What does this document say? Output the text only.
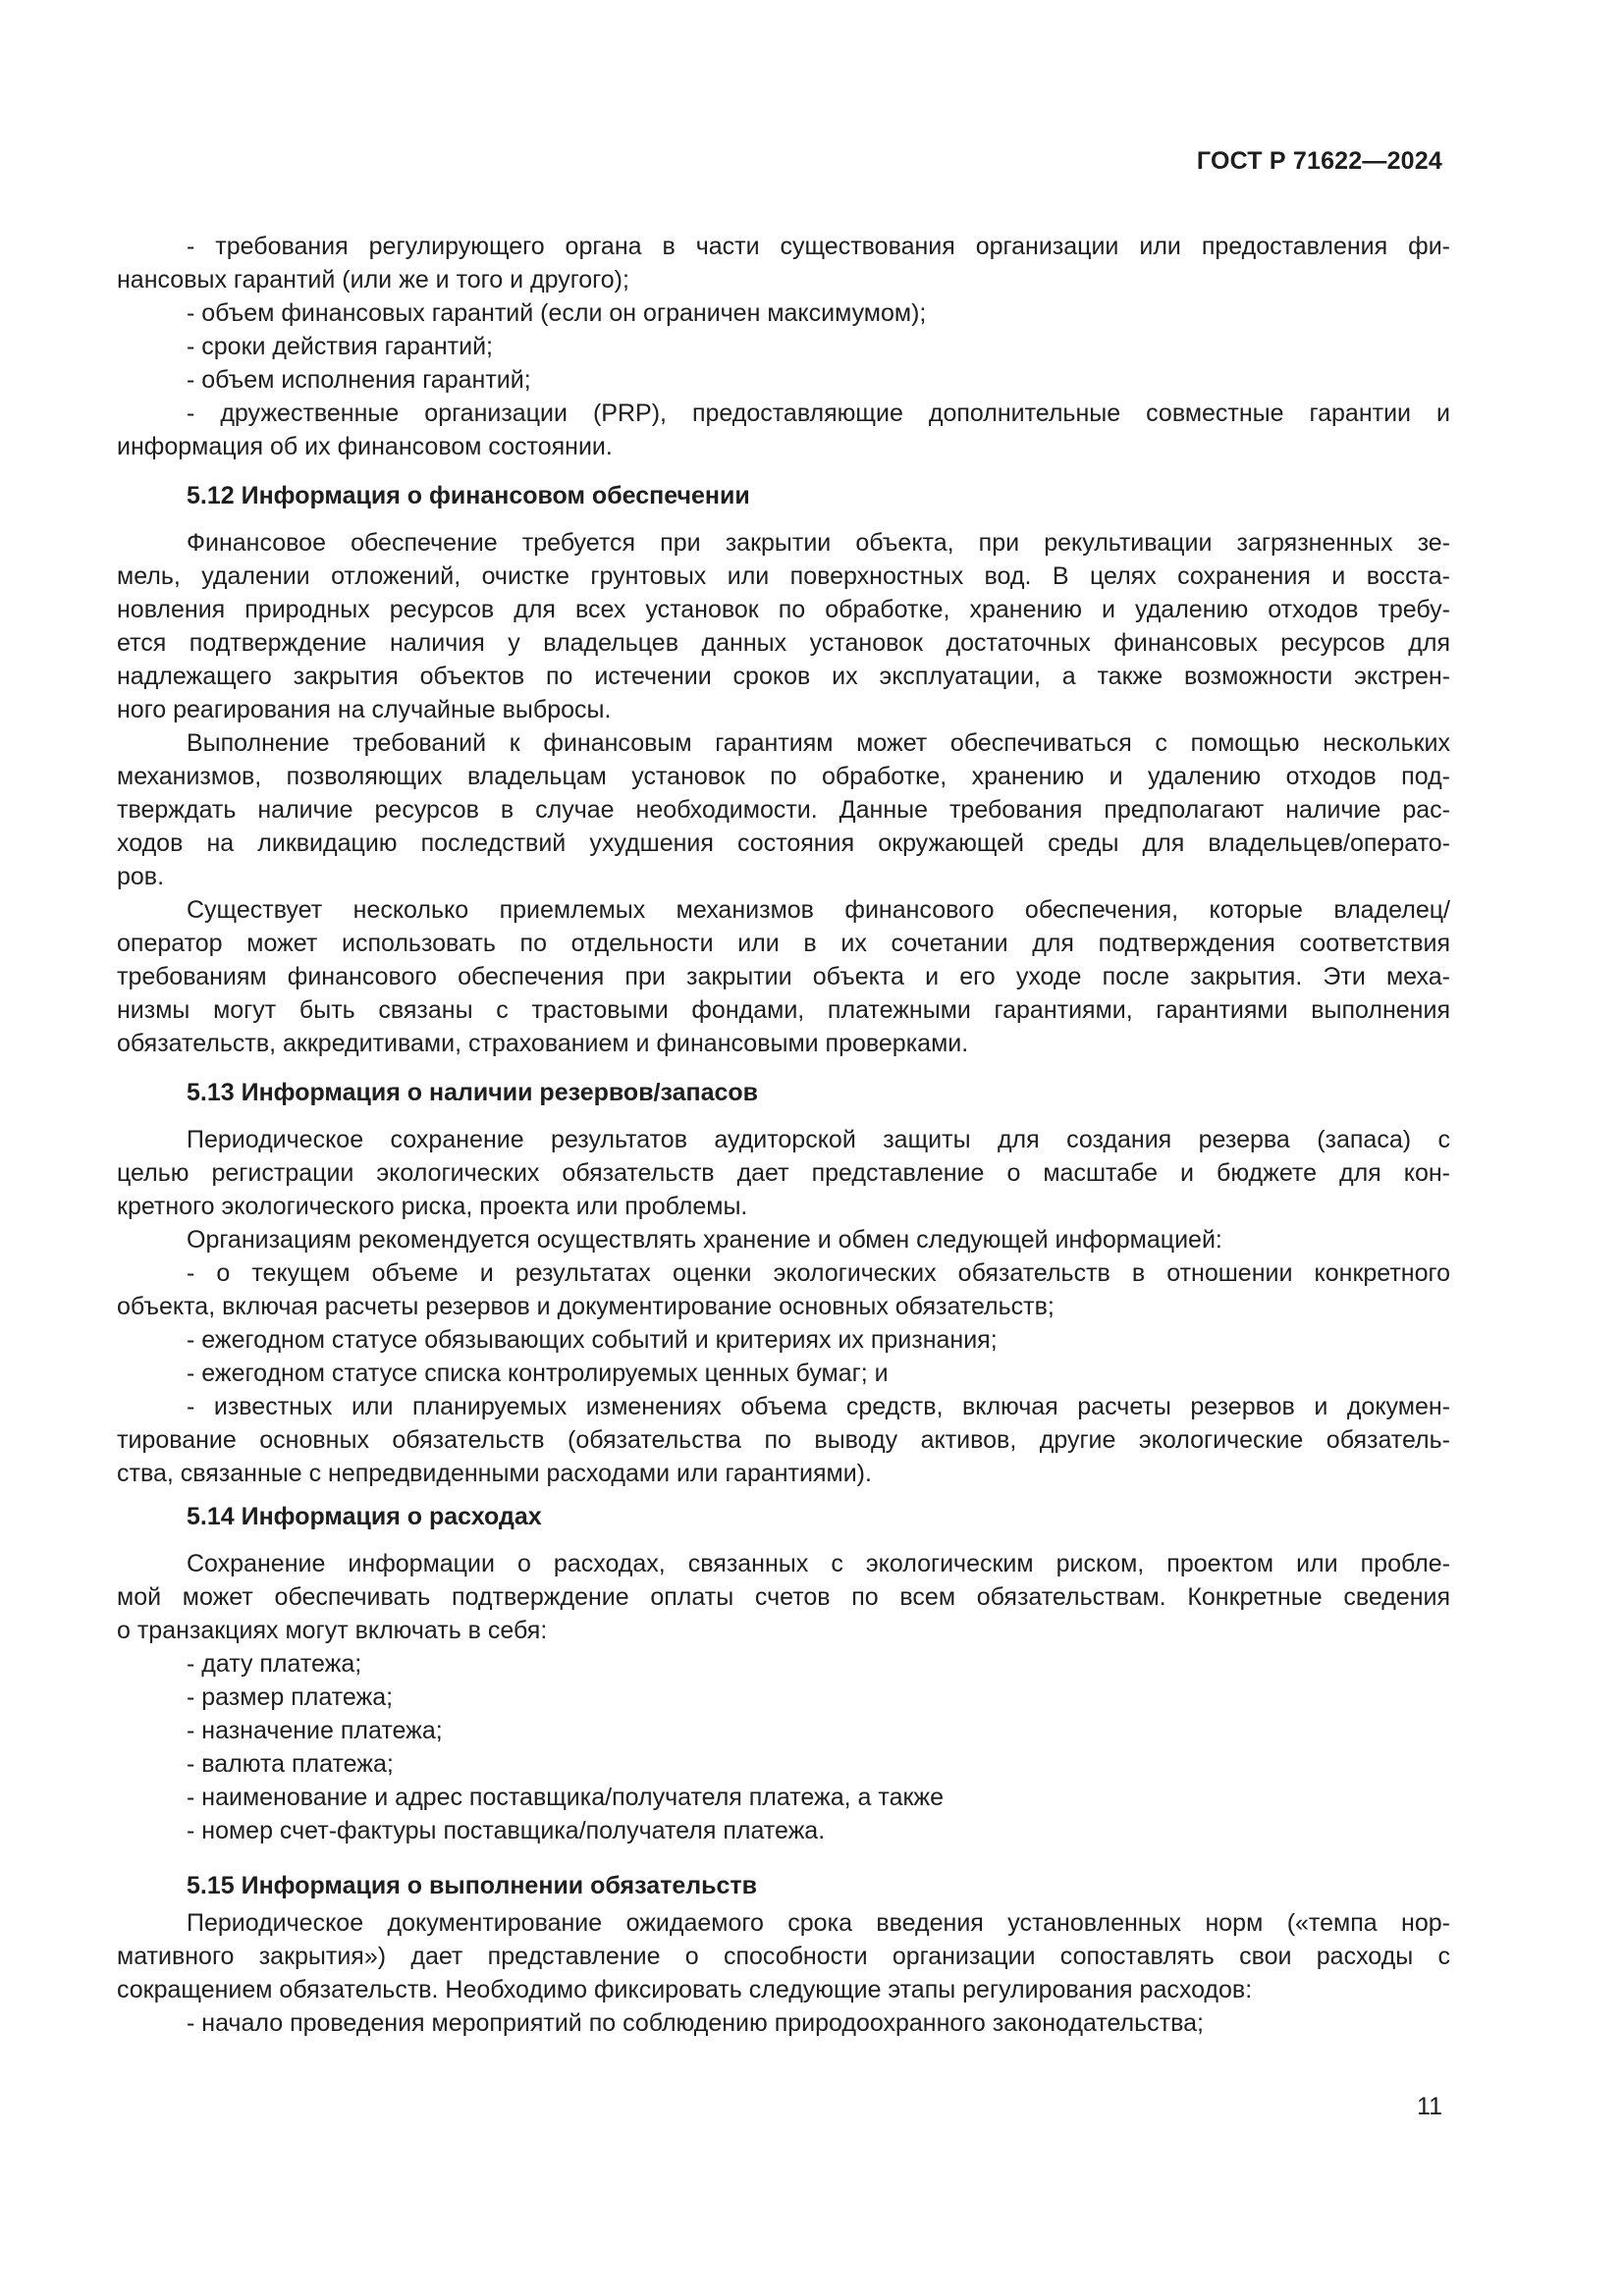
ГОСТ Р 71622—2024
- требования регулирующего органа в части существования организации или предоставления фи-
нансовых гарантий (или же и того и другого);
- объем финансовых гарантий (если он ограничен максимумом);
- сроки действия гарантий;
- объем исполнения гарантий;
- дружественные организации (PRP), предоставляющие дополнительные совместные гарантии и
информация об их финансовом состоянии.
5.12 Информация о финансовом обеспечении
Финансовое обеспечение требуется при закрытии объекта, при рекультивации загрязненных зе-
мель, удалении отложений, очистке грунтовых или поверхностных вод. В целях сохранения и восста-
новления природных ресурсов для всех установок по обработке, хранению и удалению отходов требу-
ется подтверждение наличия у владельцев данных установок достаточных финансовых ресурсов для
надлежащего закрытия объектов по истечении сроков их эксплуатации, а также возможности экстрен-
ного реагирования на случайные выбросы.
Выполнение требований к финансовым гарантиям может обеспечиваться с помощью нескольких
механизмов, позволяющих владельцам установок по обработке, хранению и удалению отходов под-
тверждать наличие ресурсов в случае необходимости. Данные требования предполагают наличие рас-
ходов на ликвидацию последствий ухудшения состояния окружающей среды для владельцев/операто-
ров.
Существует несколько приемлемых механизмов финансового обеспечения, которые владелец/
оператор может использовать по отдельности или в их сочетании для подтверждения соответствия
требованиям финансового обеспечения при закрытии объекта и его уходе после закрытия. Эти меха-
низмы могут быть связаны с трастовыми фондами, платежными гарантиями, гарантиями выполнения
обязательств, аккредитивами, страхованием и финансовыми проверками.
5.13 Информация о наличии резервов/запасов
Периодическое сохранение результатов аудиторской защиты для создания резерва (запаса) с
целью регистрации экологических обязательств дает представление о масштабе и бюджете для кон-
кретного экологического риска, проекта или проблемы.
Организациям рекомендуется осуществлять хранение и обмен следующей информацией:
- о текущем объеме и результатах оценки экологических обязательств в отношении конкретного
объекта, включая расчеты резервов и документирование основных обязательств;
- ежегодном статусе обязывающих событий и критериях их признания;
- ежегодном статусе списка контролируемых ценных бумаг; и
- известных или планируемых изменениях объема средств, включая расчеты резервов и докумен-
тирование основных обязательств (обязательства по выводу активов, другие экологические обязатель-
ства, связанные с непредвиденными расходами или гарантиями).
5.14 Информация о расходах
Сохранение информации о расходах, связанных с экологическим риском, проектом или пробле-
мой может обеспечивать подтверждение оплаты счетов по всем обязательствам. Конкретные сведения
о транзакциях могут включать в себя:
- дату платежа;
- размер платежа;
- назначение платежа;
- валюта платежа;
- наименование и адрес поставщика/получателя платежа, а также
- номер счет-фактуры поставщика/получателя платежа.
5.15 Информация о выполнении обязательств
Периодическое документирование ожидаемого срока введения установленных норм («темпа нор-
мативного закрытия») дает представление о способности организации сопоставлять свои расходы с
сокращением обязательств. Необходимо фиксировать следующие этапы регулирования расходов:
- начало проведения мероприятий по соблюдению природоохранного законодательства;
11
